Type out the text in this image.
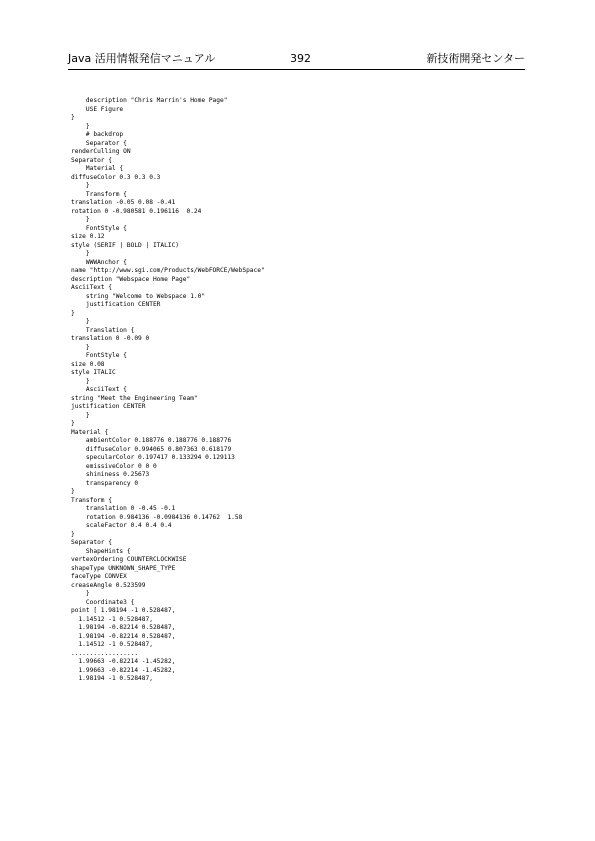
Java 活用情報発信マニュアル	392	新技術開発センター
description "Chris Marrin's Home Page"
USE Figure
}
}
# backdrop
Separator {
renderCulling ON
Separator {
Material {
diffuseColor 0.3 0.3 0.3
}
Transform {
translation -0.05 0.08 -0.41
rotation 0 -0.980581 0.196116  0.24
}
FontStyle {
size 0.12
style (SERIF | BOLD | ITALIC)
}
WWWAnchor {
name "http://www.sgi.com/Products/WebFORCE/WebSpace"
description "Webspace Home Page"
AsciiText {
string "Welcome to Webspace 1.0"
justification CENTER
}
}
Translation {
translation 0 -0.09 0
}
FontStyle {
size 0.08
style ITALIC
}
AsciiText {
string "Meet the Engineering Team"
justification CENTER
}
}
Material {
ambientColor 0.188776 0.188776 0.188776
diffuseColor 0.994065 0.807363 0.618179
specularColor 0.197417 0.133294 0.129113
emissiveColor 0 0 0
shininess 0.25673
transparency 0
}
Transform {
translation 0 -0.45 -0.1
rotation 0.984136 -0.0984136 0.14762  1.58
scaleFactor 0.4 0.4 0.4
}
Separator {
ShapeHints {
vertexOrdering COUNTERCLOCKWISE
shapeType UNKNOWN_SHAPE_TYPE
faceType CONVEX
creaseAngle 0.523599
}
Coordinate3 {
point [ 1.98194 -1 0.528487,
1.14512 -1 0.528487,
1.98194 -0.82214 0.528487,
1.98194 -0.82214 0.528487,
1.14512 -1 0.528487,
..................
1.99663 -0.82214 -1.45282,
1.99663 -0.82214 -1.45282,
1.98194 -1 0.528487,
